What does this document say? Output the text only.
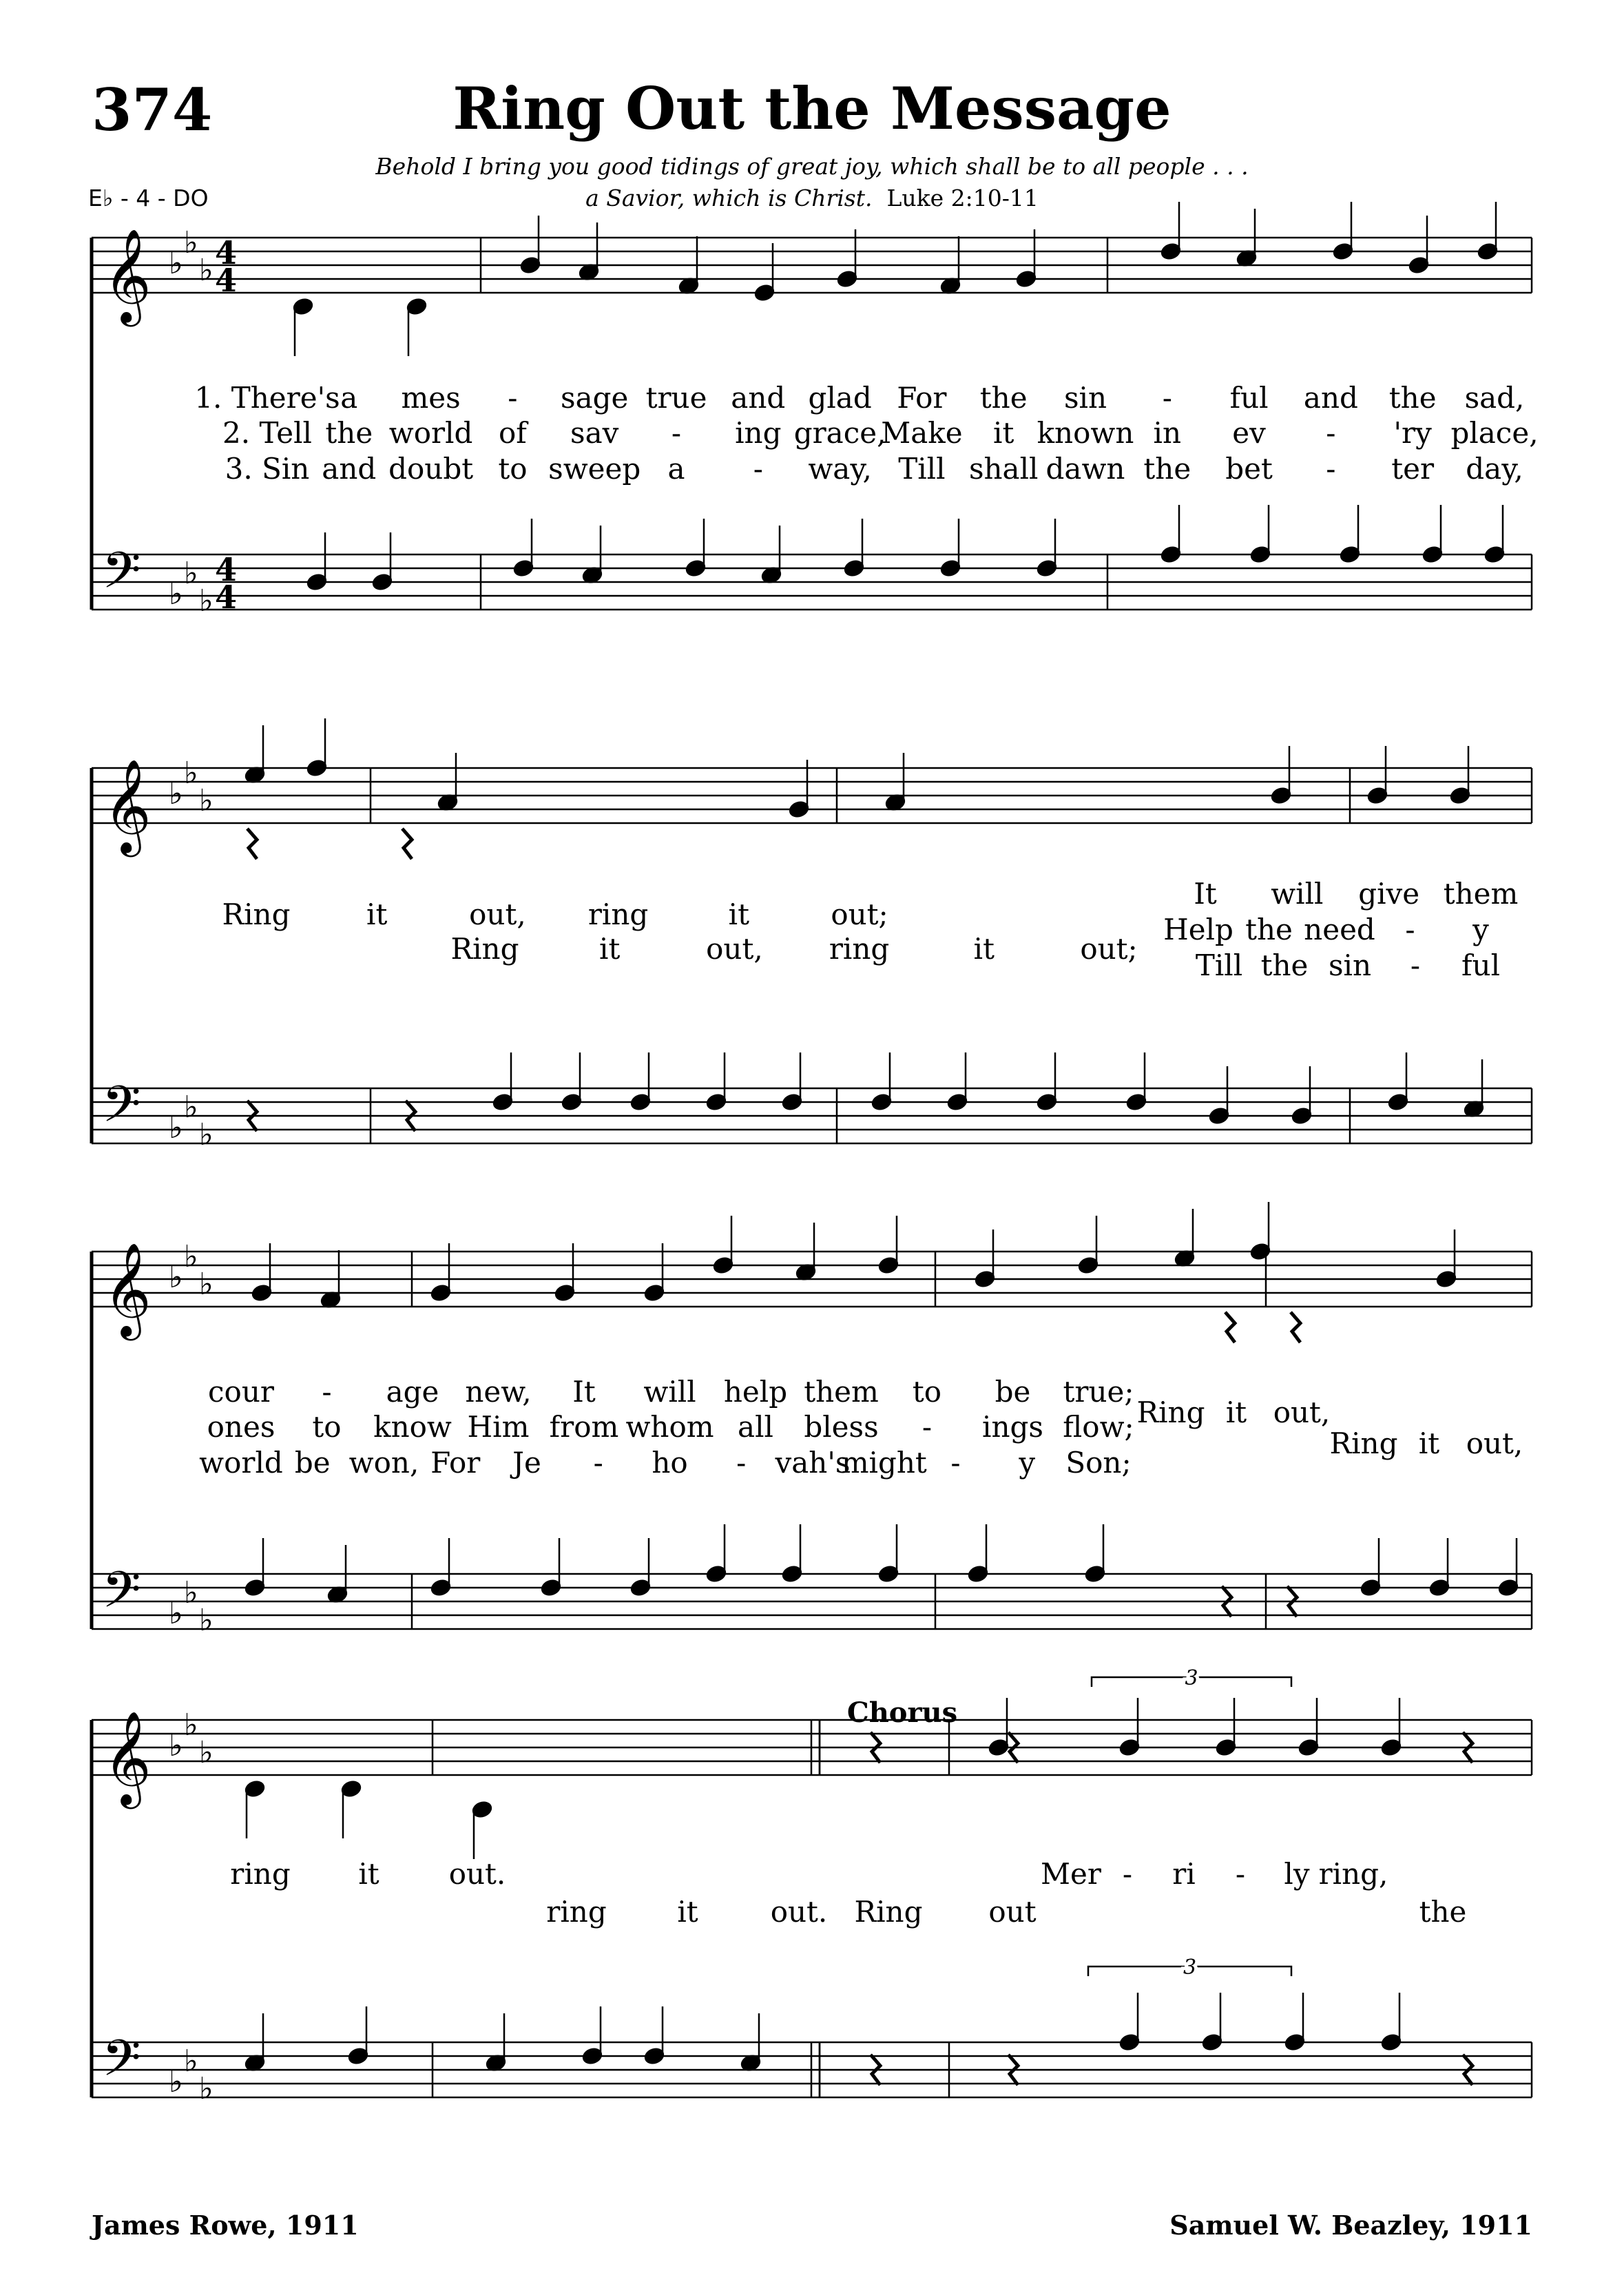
374	Ring Out the Message
Behold I bring you good tidings of great joy, which shall be to all people . . .
a Savior, which is Christ. Luke 2:10-11
E♭ - 4 - DO
1. There's a mes - sage true and glad For the sin - ful and the sad,
2. Tell the world of sav - ing grace,
Make it known in ev - 'ry place,
3. Sin and doubt to sweep a - way, Till shall dawn the bet - ter day,
Ring	it	out, ring	it	out;
Ring	it	out, ring	it	out;
It will give them
Help the need - y
Till the sin - ful
cour - age new, It will help them to be true;
ones to know Him from whom all bless - ings flow;
world be won, For Je - ho - vah's
might - y Son;
Ring it out,
Ring it out,
ring it out.	Mer - ri - ly ring,
ring it	out. Ring out	the
𝄞
𝄢
♭
♭
♭
♭
♭
♭
𝄞
𝄢
♭
♭
♭
♭
♭
♭
𝄞
𝄢
♭
♭
♭
♭
♭
♭
𝄞
𝄢
♭
♭
♭
♭
♭
♭
4
4
4
4
Chorus
3
3
James Rowe, 1911	Samuel W. Beazley, 1911
